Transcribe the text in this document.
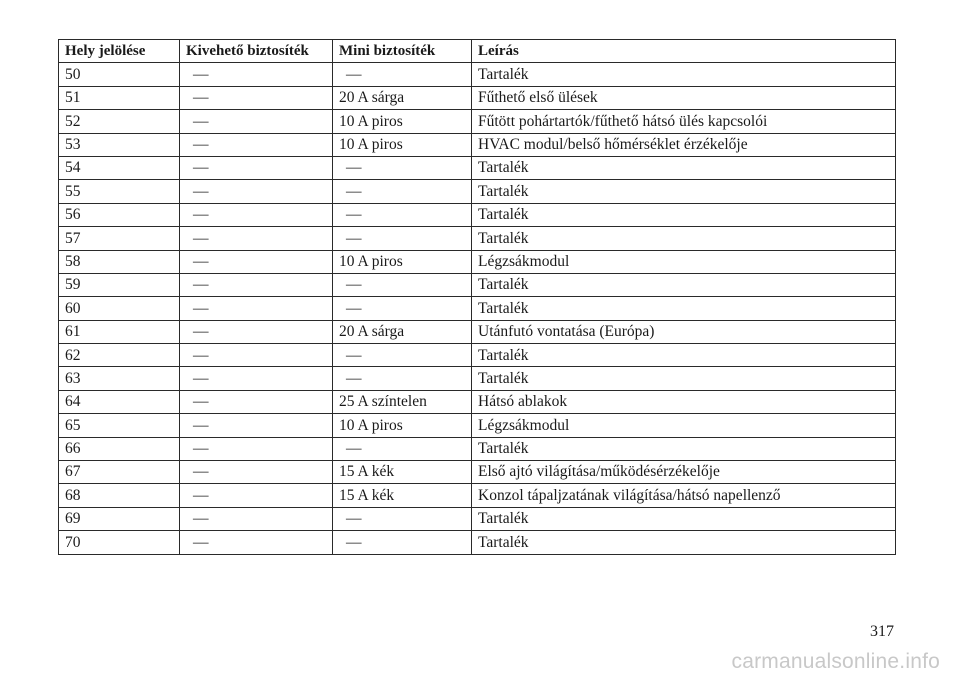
Hely jelölése	Kivehető biztosíték	Mini biztosíték	Leírás
50	—	—	Tartalék
51	—	20 A sárga	Fűthető első ülések
52	—	10 A piros	Fűtött pohártartók/fűthető hátsó ülés kapcsolói
53	—	10 A piros	HVAC modul/belső hőmérséklet érzékelője
54	—	—	Tartalék
55	—	—	Tartalék
56	—	—	Tartalék
57	—	—	Tartalék
58	—	10 A piros	Légzsákmodul
59	—	—	Tartalék
60	—	—	Tartalék
61	—	20 A sárga	Utánfutó vontatása (Európa)
62	—	—	Tartalék
63	—	—	Tartalék
64	—	25 A színtelen	Hátsó ablakok
65	—	10 A piros	Légzsákmodul
66	—	—	Tartalék
67	—	15 A kék	Első ajtó világítása/működésérzékelője
68	—	15 A kék	Konzol tápaljzatának világítása/hátsó napellenző
69	—	—	Tartalék
70	—	—	Tartalék
317
carmanualsonline.info
